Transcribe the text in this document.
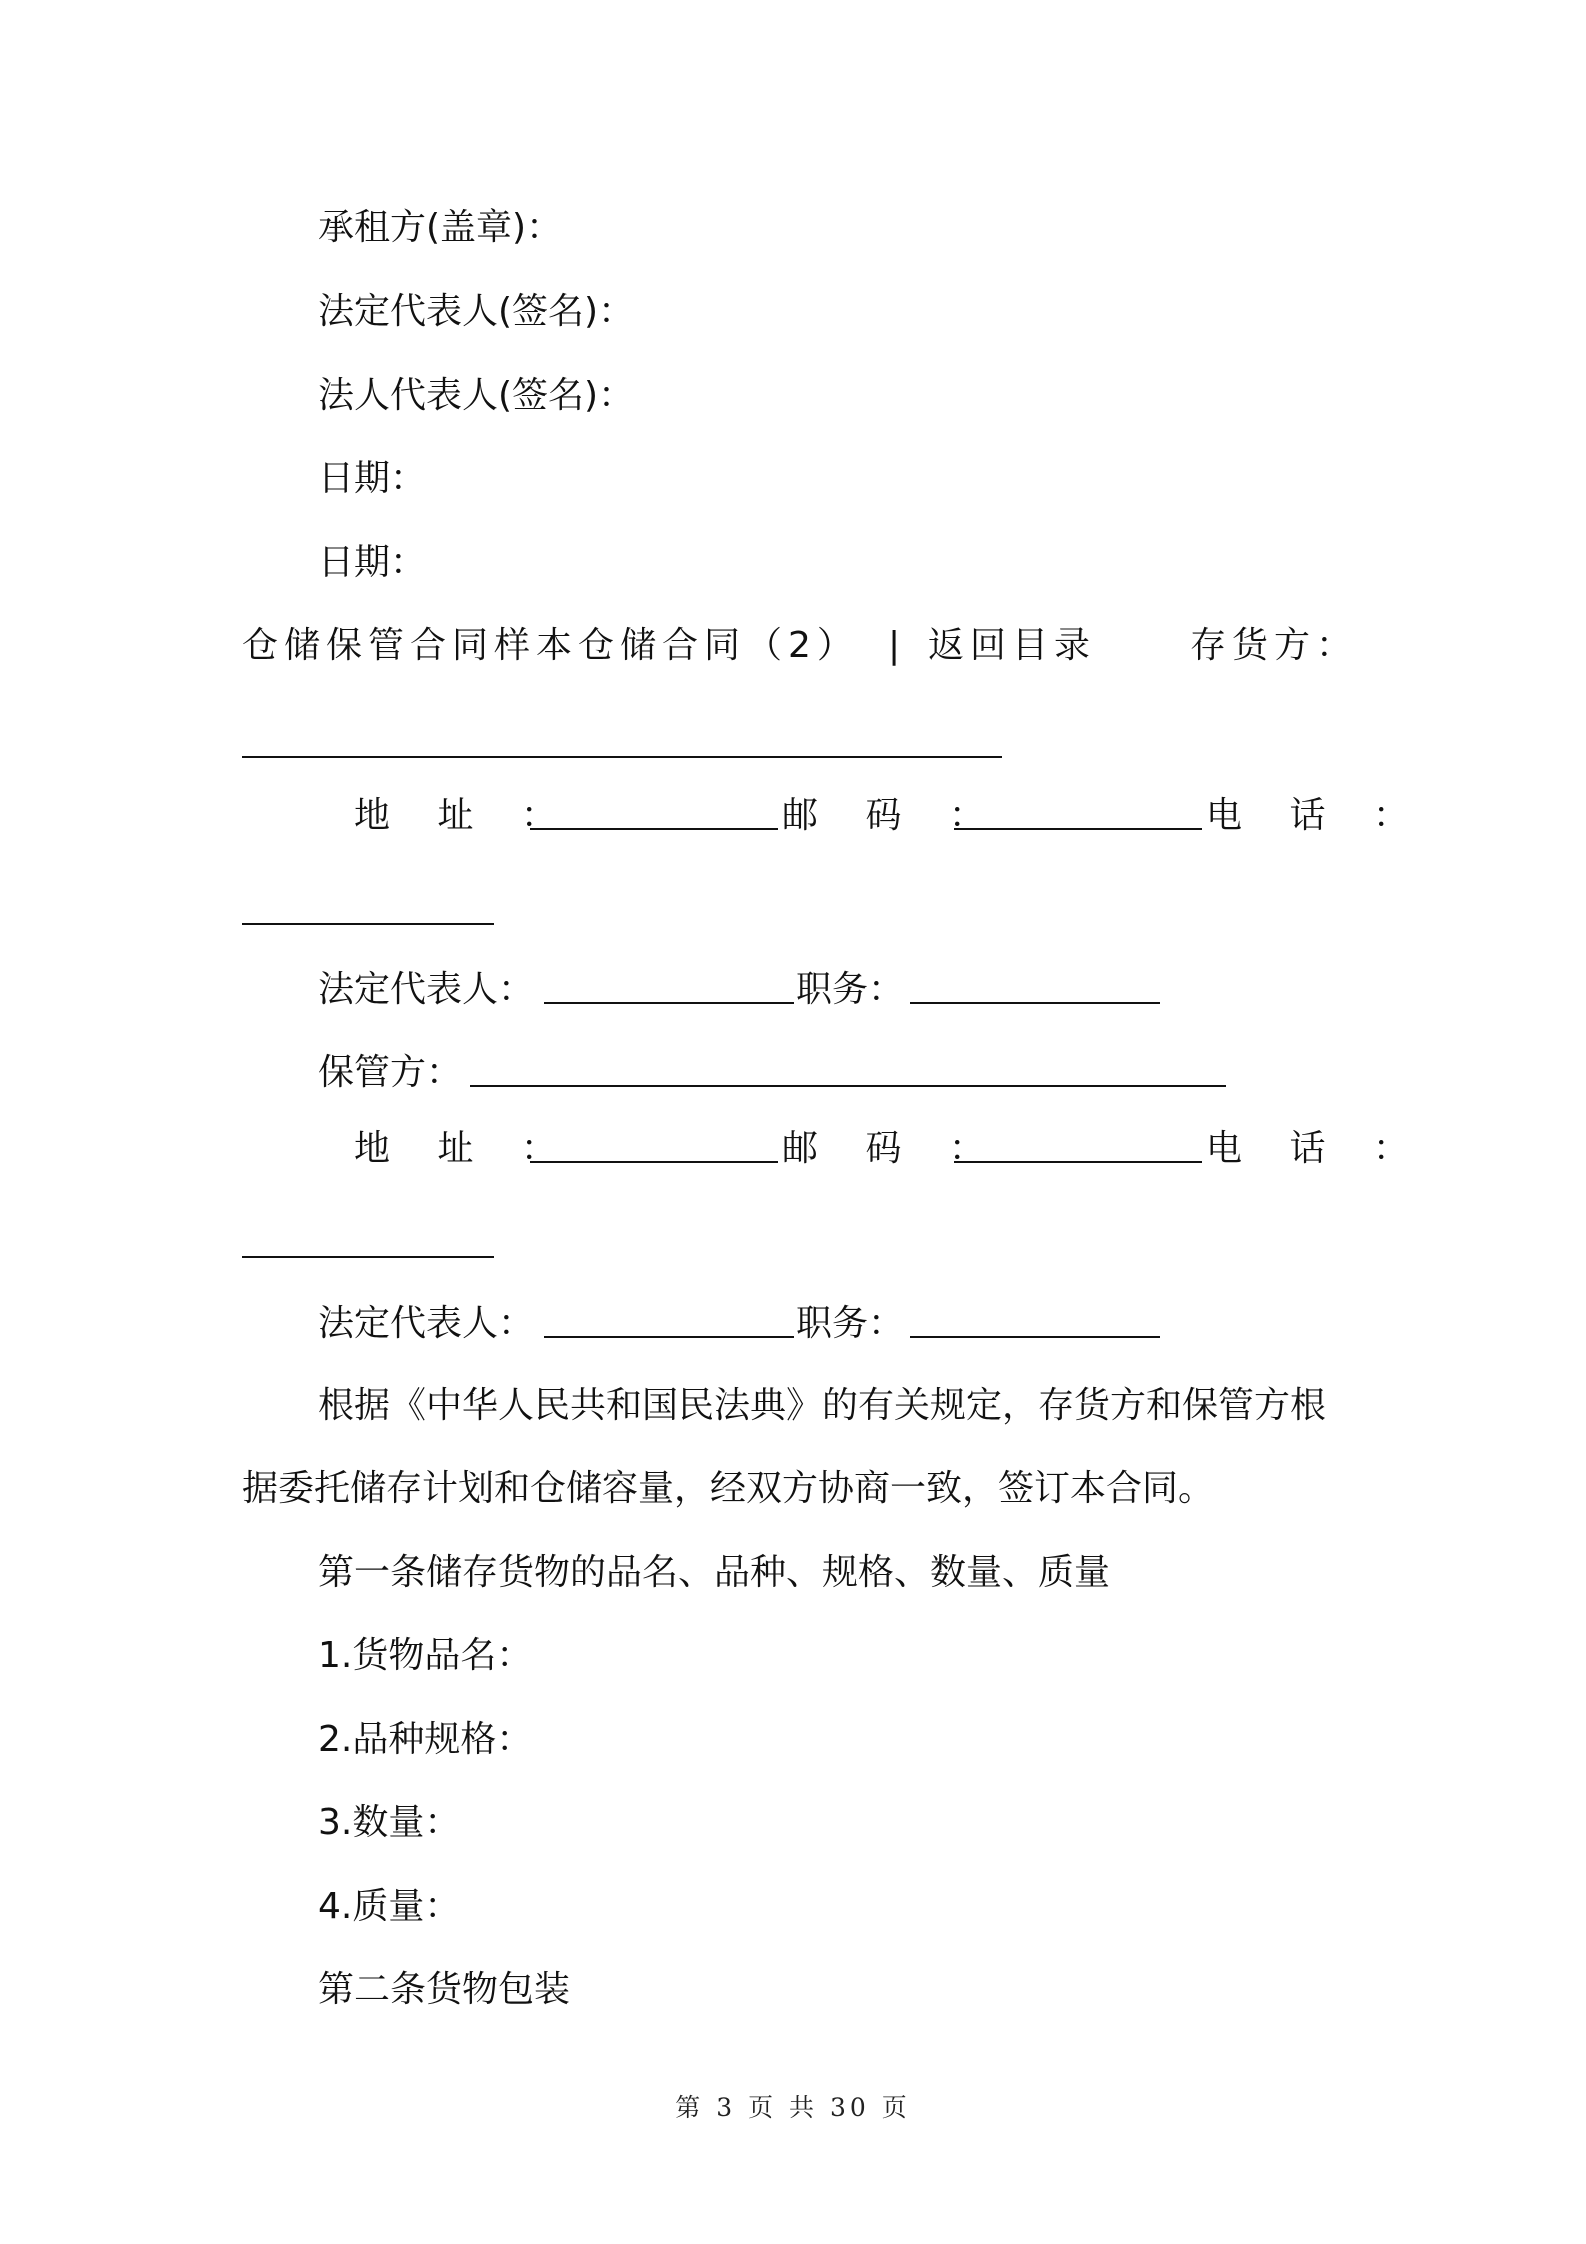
承租方(盖章)：
法定代表人(签名)：
法人代表人(签名)：
日期：
日期：
仓储保管合同样本仓储合同（2） | 返回目录	存货方：
地 址 ：	邮 码 ：	电 话 ：
法定代表人：	职务：
保管方：
地 址 ：	邮 码 ：	电 话 ：
法定代表人：	职务：
根据《中华人民共和国民法典》的有关规定，存货方和保管方根
据委托储存计划和仓储容量，经双方协商一致，签订本合同。
第一条储存货物的品名、品种、规格、数量、质量
1.货物品名：
2.品种规格：
3.数量：
4.质量：
第二条货物包装
第 3 页 共 30 页
